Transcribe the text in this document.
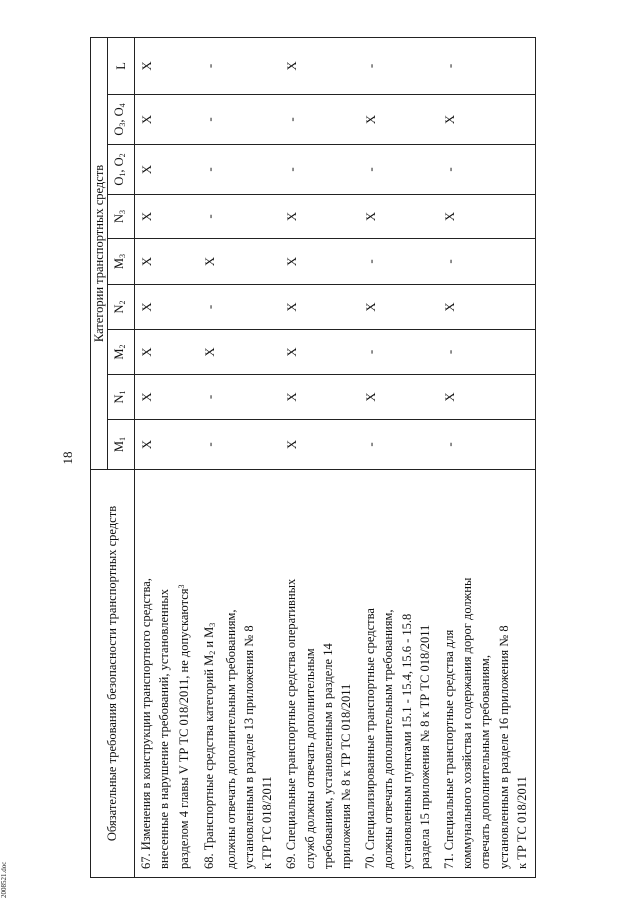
18
Обязательные требования безопасности транспортных средств	Категории транспортных средств								
	$M_1$	$N_1$	$M_2$	$N_2$	$M_3$	$N_3$	$O_1$, $O_2$	$O_3$, $O_4$	L

67. Изменения в конструкции транспортного средства, внесенные в нарушение требований, установленных разделом 4 главы V ТР ТС 018/2011, не допускаются$^3$	X	X	X	X	X	X	X	X	X

68. Транспортные средства категорий $M_2$ и $M_3$ должны отвечать дополнительным требованиям, установленным в разделе 13 приложения № 8 к ТР ТС 018/2011	-	-	X	-	X	-	-	-	-

69. Специальные транспортные средства оперативных служб должны отвечать дополнительным требованиям, установленным в разделе 14 приложения № 8 к ТР ТС 018/2011	X	X	X	X	X	X	-	-	X

70. Специализированные транспортные средства должны отвечать дополнительным требованиям, установленным пунктами 15.1 - 15.4, 15.6 - 15.8 раздела 15 приложения № 8 к ТР ТС 018/2011	-	X	-	X	-	X	-	X	-

71. Специальные транспортные средства для коммунального хозяйства и содержания дорог должны отвечать дополнительным требованиям, установленным в разделе 16 приложения № 8 к ТР ТС 018/2011	-	X	-	X	-	X	-	X	-
2008521.doc
